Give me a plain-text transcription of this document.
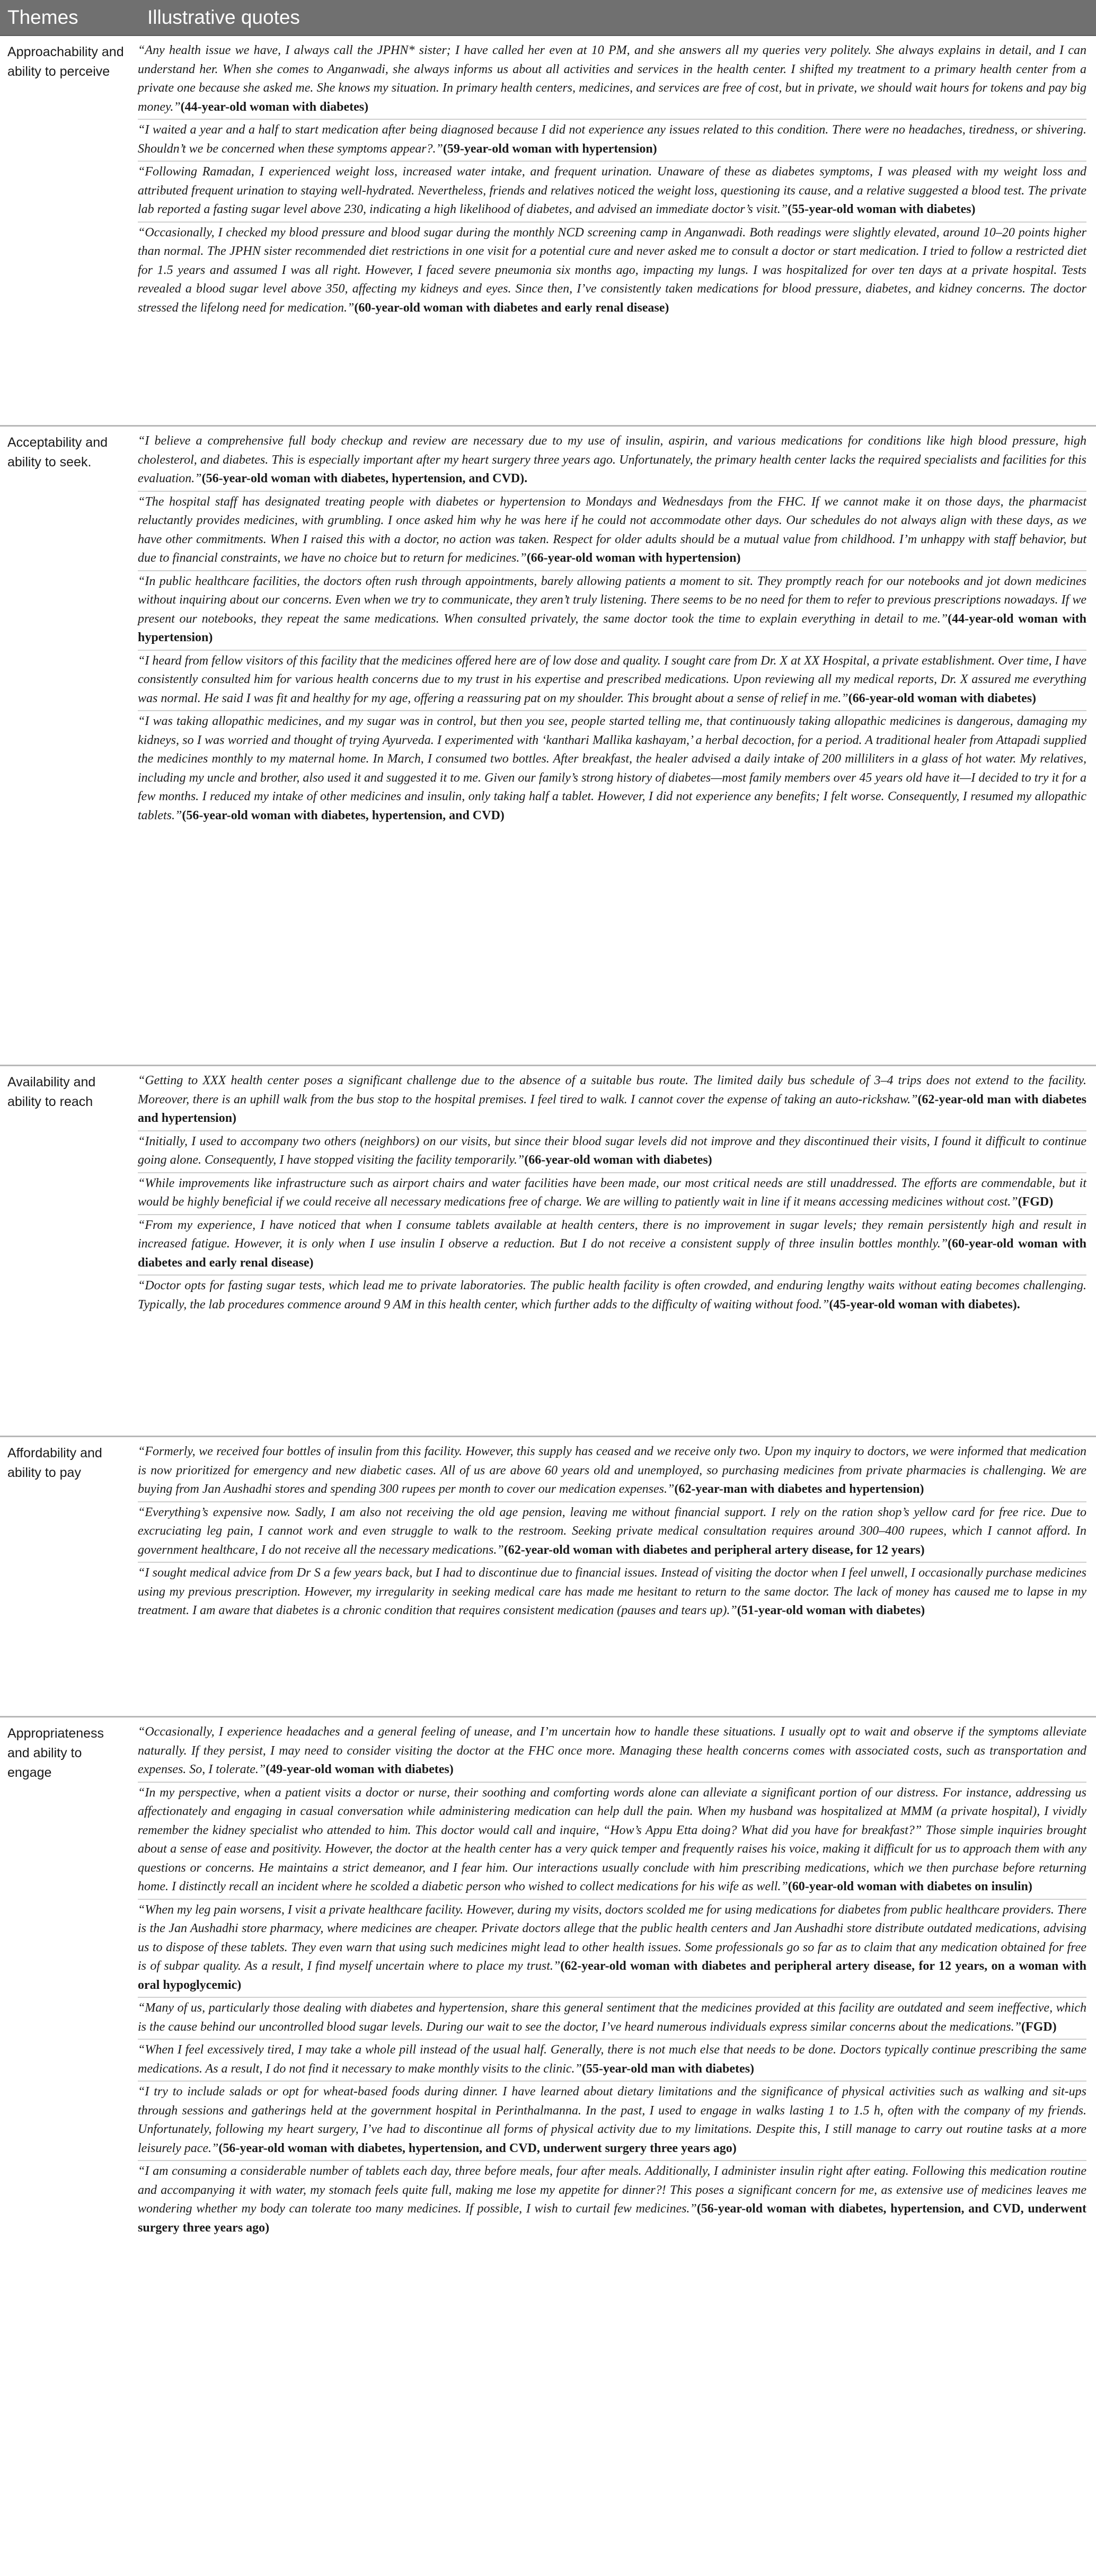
Themes	Illustrative quotes
Approachability and ability to perceive
“Any health issue we have, I always call the JPHN* sister; I have called her even at 10 PM, and she answers all my queries very politely. She always explains in detail, and I can understand her. When she comes to Anganwadi, she always informs us about all activities and services in the health center. I shifted my treatment to a primary health center from a private one because she asked me. She knows my situation. In primary health centers, medicines, and services are free of cost, but in private, we should wait hours for tokens and pay big money.”(44-year-old woman with diabetes)
“I waited a year and a half to start medication after being diagnosed because I did not experience any issues related to this condition. There were no headaches, tiredness, or shivering. Shouldn’t we be concerned when these symptoms appear?.”(59-year-old woman with hypertension)
“Following Ramadan, I experienced weight loss, increased water intake, and frequent urination. Unaware of these as diabetes symptoms, I was pleased with my weight loss and attributed frequent urination to staying well-hydrated. Nevertheless, friends and relatives noticed the weight loss, questioning its cause, and a relative suggested a blood test. The private lab reported a fasting sugar level above 230, indicating a high likelihood of diabetes, and advised an immediate doctor’s visit.”(55-year-old woman with diabetes)
“Occasionally, I checked my blood pressure and blood sugar during the monthly NCD screening camp in Anganwadi. Both readings were slightly elevated, around 10–20 points higher than normal. The JPHN sister recommended diet restrictions in one visit for a potential cure and never asked me to consult a doctor or start medication. I tried to follow a restricted diet for 1.5 years and assumed I was all right. However, I faced severe pneumonia six months ago, impacting my lungs. I was hospitalized for over ten days at a private hospital. Tests revealed a blood sugar level above 350, affecting my kidneys and eyes. Since then, I’ve consistently taken medications for blood pressure, diabetes, and kidney concerns. The doctor stressed the lifelong need for medication.”(60-year-old woman with diabetes and early renal disease)
Acceptability and ability to seek.
“I believe a comprehensive full body checkup and review are necessary due to my use of insulin, aspirin, and various medications for conditions like high blood pressure, high cholesterol, and diabetes. This is especially important after my heart surgery three years ago. Unfortunately, the primary health center lacks the required specialists and facilities for this evaluation.”(56-year-old woman with diabetes, hypertension, and CVD).
“The hospital staff has designated treating people with diabetes or hypertension to Mondays and Wednesdays from the FHC. If we cannot make it on those days, the pharmacist reluctantly provides medicines, with grumbling. I once asked him why he was here if he could not accommodate other days. Our schedules do not always align with these days, as we have other commitments. When I raised this with a doctor, no action was taken. Respect for older adults should be a mutual value from childhood. I’m unhappy with staff behavior, but due to financial constraints, we have no choice but to return for medicines.”(66-year-old woman with hypertension)
“In public healthcare facilities, the doctors often rush through appointments, barely allowing patients a moment to sit. They promptly reach for our notebooks and jot down medicines without inquiring about our concerns. Even when we try to communicate, they aren’t truly listening. There seems to be no need for them to refer to previous prescriptions nowadays. If we present our notebooks, they repeat the same medications. When consulted privately, the same doctor took the time to explain everything in detail to me.”(44-year-old woman with hypertension)
“I heard from fellow visitors of this facility that the medicines offered here are of low dose and quality. I sought care from Dr. X at XX Hospital, a private establishment. Over time, I have consistently consulted him for various health concerns due to my trust in his expertise and prescribed medications. Upon reviewing all my medical reports, Dr. X assured me everything was normal. He said I was fit and healthy for my age, offering a reassuring pat on my shoulder. This brought about a sense of relief in me.”(66-year-old woman with diabetes)
“I was taking allopathic medicines, and my sugar was in control, but then you see, people started telling me, that continuously taking allopathic medicines is dangerous, damaging my kidneys, so I was worried and thought of trying Ayurveda. I experimented with ‘kanthari Mallika kashayam,’ a herbal decoction, for a period. A traditional healer from Attapadi supplied the medicines monthly to my maternal home. In March, I consumed two bottles. After breakfast, the healer advised a daily intake of 200 milliliters in a glass of hot water. My relatives, including my uncle and brother, also used it and suggested it to me. Given our family’s strong history of diabetes—most family members over 45 years old have it—I decided to try it for a few months. I reduced my intake of other medicines and insulin, only taking half a tablet. However, I did not experience any benefits; I felt worse. Consequently, I resumed my allopathic tablets.”(56-year-old woman with diabetes, hypertension, and CVD)
Availability and ability to reach
“Getting to XXX health center poses a significant challenge due to the absence of a suitable bus route. The limited daily bus schedule of 3–4 trips does not extend to the facility. Moreover, there is an uphill walk from the bus stop to the hospital premises. I feel tired to walk. I cannot cover the expense of taking an auto-rickshaw.”(62-year-old man with diabetes and hypertension)
“Initially, I used to accompany two others (neighbors) on our visits, but since their blood sugar levels did not improve and they discontinued their visits, I found it difficult to continue going alone. Consequently, I have stopped visiting the facility temporarily.”(66-year-old woman with diabetes)
“While improvements like infrastructure such as airport chairs and water facilities have been made, our most critical needs are still unaddressed. The efforts are commendable, but it would be highly beneficial if we could receive all necessary medications free of charge. We are willing to patiently wait in line if it means accessing medicines without cost.”(FGD)
“From my experience, I have noticed that when I consume tablets available at health centers, there is no improvement in sugar levels; they remain persistently high and result in increased fatigue. However, it is only when I use insulin I observe a reduction. But I do not receive a consistent supply of three insulin bottles monthly.”(60-year-old woman with diabetes and early renal disease)
“Doctor opts for fasting sugar tests, which lead me to private laboratories. The public health facility is often crowded, and enduring lengthy waits without eating becomes challenging. Typically, the lab procedures commence around 9 AM in this health center, which further adds to the difficulty of waiting without food.”(45-year-old woman with diabetes).
Affordability and ability to pay
“Formerly, we received four bottles of insulin from this facility. However, this supply has ceased and we receive only two. Upon my inquiry to doctors, we were informed that medication is now prioritized for emergency and new diabetic cases. All of us are above 60 years old and unemployed, so purchasing medicines from private pharmacies is challenging. We are buying from Jan Aushadhi stores and spending 300 rupees per month to cover our medication expenses.”(62-year-man with diabetes and hypertension)
“Everything’s expensive now. Sadly, I am also not receiving the old age pension, leaving me without financial support. I rely on the ration shop’s yellow card for free rice. Due to excruciating leg pain, I cannot work and even struggle to walk to the restroom. Seeking private medical consultation requires around 300–400 rupees, which I cannot afford. In government healthcare, I do not receive all the necessary medications.”(62-year-old woman with diabetes and peripheral artery disease, for 12 years)
“I sought medical advice from Dr S a few years back, but I had to discontinue due to financial issues. Instead of visiting the doctor when I feel unwell, I occasionally purchase medicines using my previous prescription. However, my irregularity in seeking medical care has made me hesitant to return to the same doctor. The lack of money has caused me to lapse in my treatment. I am aware that diabetes is a chronic condition that requires consistent medication (pauses and tears up).”(51-year-old woman with diabetes)
Appropriateness and ability to engage
“Occasionally, I experience headaches and a general feeling of unease, and I’m uncertain how to handle these situations. I usually opt to wait and observe if the symptoms alleviate naturally. If they persist, I may need to consider visiting the doctor at the FHC once more. Managing these health concerns comes with associated costs, such as transportation and expenses. So, I tolerate.”(49-year-old woman with diabetes)
“In my perspective, when a patient visits a doctor or nurse, their soothing and comforting words alone can alleviate a significant portion of our distress. For instance, addressing us affectionately and engaging in casual conversation while administering medication can help dull the pain. When my husband was hospitalized at MMM (a private hospital), I vividly remember the kidney specialist who attended to him. This doctor would call and inquire, “How’s Appu Etta doing? What did you have for breakfast?” Those simple inquiries brought about a sense of ease and positivity. However, the doctor at the health center has a very quick temper and frequently raises his voice, making it difficult for us to approach them with any questions or concerns. He maintains a strict demeanor, and I fear him. Our interactions usually conclude with him prescribing medications, which we then purchase before returning home. I distinctly recall an incident where he scolded a diabetic person who wished to collect medications for his wife as well.”(60-year-old woman with diabetes on insulin)
“When my leg pain worsens, I visit a private healthcare facility. However, during my visits, doctors scolded me for using medications for diabetes from public healthcare providers. There is the Jan Aushadhi store pharmacy, where medicines are cheaper. Private doctors allege that the public health centers and Jan Aushadhi store distribute outdated medications, advising us to dispose of these tablets. They even warn that using such medicines might lead to other health issues. Some professionals go so far as to claim that any medication obtained for free is of subpar quality. As a result, I find myself uncertain where to place my trust.”(62-year-old woman with diabetes and peripheral artery disease, for 12 years, on a woman with oral hypoglycemic)
“Many of us, particularly those dealing with diabetes and hypertension, share this general sentiment that the medicines provided at this facility are outdated and seem ineffective, which is the cause behind our uncontrolled blood sugar levels. During our wait to see the doctor, I’ve heard numerous individuals express similar concerns about the medications.”(FGD)
“When I feel excessively tired, I may take a whole pill instead of the usual half. Generally, there is not much else that needs to be done. Doctors typically continue prescribing the same medications. As a result, I do not find it necessary to make monthly visits to the clinic.”(55-year-old man with diabetes)
“I try to include salads or opt for wheat-based foods during dinner. I have learned about dietary limitations and the significance of physical activities such as walking and sit-ups through sessions and gatherings held at the government hospital in Perinthalmanna. In the past, I used to engage in walks lasting 1 to 1.5 h, often with the company of my friends. Unfortunately, following my heart surgery, I’ve had to discontinue all forms of physical activity due to my limitations. Despite this, I still manage to carry out routine tasks at a more leisurely pace.”(56-year-old woman with diabetes, hypertension, and CVD, underwent surgery three years ago)
“I am consuming a considerable number of tablets each day, three before meals, four after meals. Additionally, I administer insulin right after eating. Following this medication routine and accompanying it with water, my stomach feels quite full, making me lose my appetite for dinner?! This poses a significant concern for me, as extensive use of medicines leaves me wondering whether my body can tolerate too many medicines. If possible, I wish to curtail few medicines.”(56-year-old woman with diabetes, hypertension, and CVD, underwent surgery three years ago)
